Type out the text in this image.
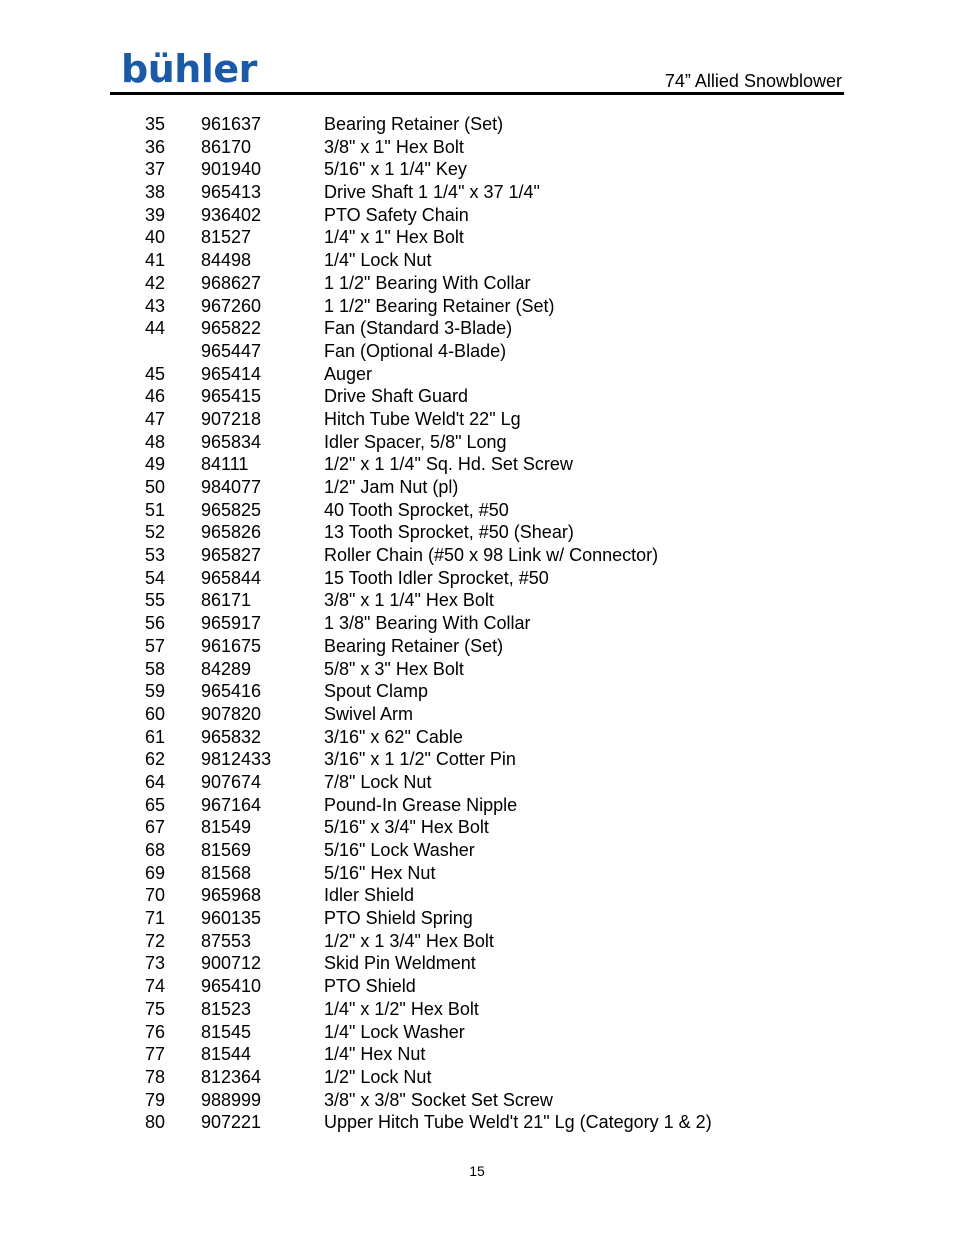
bühler	74” Allied Snowblower
35 961637	Bearing Retainer (Set)
36 86170	3/8" x 1" Hex Bolt
37 901940	5/16" x 1 1/4" Key
38 965413	Drive Shaft 1 1/4" x 37 1/4"
39 936402	PTO Safety Chain
40 81527	1/4" x 1" Hex Bolt
41 84498	1/4" Lock Nut
42 968627	1 1/2" Bearing With Collar
43 967260	1 1/2" Bearing Retainer (Set)
44 965822	Fan (Standard 3-Blade)
965447	Fan (Optional 4-Blade)
45 965414	Auger
46 965415	Drive Shaft Guard
47 907218	Hitch Tube Weld't 22" Lg
48 965834	Idler Spacer, 5/8" Long
49 84111	1/2" x 1 1/4" Sq. Hd. Set Screw
50 984077	1/2" Jam Nut (pl)
51 965825	40 Tooth Sprocket, #50
52 965826	13 Tooth Sprocket, #50 (Shear)
53 965827	Roller Chain (#50 x 98 Link w/ Connector)
54 965844	15 Tooth Idler Sprocket, #50
55 86171	3/8" x 1 1/4" Hex Bolt
56 965917	1 3/8" Bearing With Collar
57 961675	Bearing Retainer (Set)
58 84289	5/8" x 3" Hex Bolt
59 965416	Spout Clamp
60 907820	Swivel Arm
61 965832	3/16" x 62" Cable
62 9812433	3/16" x 1 1/2" Cotter Pin
64 907674	7/8" Lock Nut
65 967164	Pound-In Grease Nipple
67 81549	5/16" x 3/4" Hex Bolt
68 81569	5/16" Lock Washer
69 81568	5/16" Hex Nut
70 965968	Idler Shield
71 960135	PTO Shield Spring
72 87553	1/2" x 1 3/4" Hex Bolt
73 900712	Skid Pin Weldment
74 965410	PTO Shield
75 81523	1/4" x 1/2" Hex Bolt
76 81545	1/4" Lock Washer
77 81544	1/4" Hex Nut
78 812364	1/2" Lock Nut
79 988999	3/8" x 3/8" Socket Set Screw
80 907221	Upper Hitch Tube Weld't 21" Lg (Category 1 & 2)
15
